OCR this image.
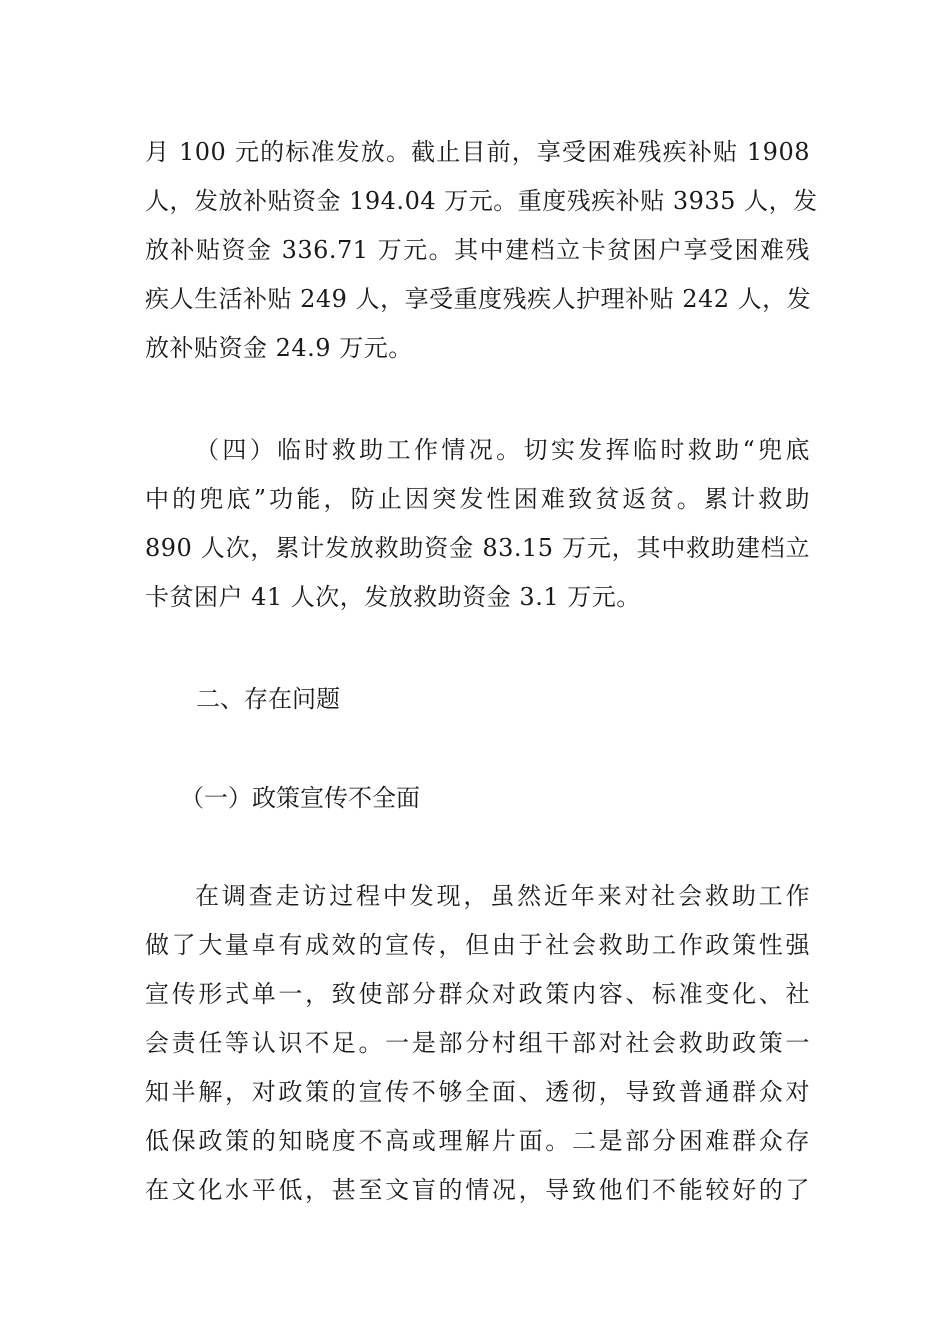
月 100 元的标准发放。截止目前，享受困难残疾补贴 1908
人，发放补贴资金 194.04 万元。重度残疾补贴 3935 人，发
放补贴资金 336.71 万元。其中建档立卡贫困户享受困难残
疾人生活补贴 249 人，享受重度残疾人护理补贴 242 人，发
放补贴资金 24.9 万元。
（四）临时救助工作情况。切实发挥临时救助“兜底
中的兜底”功能，防止因突发性困难致贫返贫。累计救助
890 人次，累计发放救助资金 83.15 万元，其中救助建档立
卡贫困户 41 人次，发放救助资金 3.1 万元。
二、存在问题
（一）政策宣传不全面
在调查走访过程中发现，虽然近年来对社会救助工作
做了大量卓有成效的宣传，但由于社会救助工作政策性强
宣传形式单一，致使部分群众对政策内容、标准变化、社
会责任等认识不足。一是部分村组干部对社会救助政策一
知半解，对政策的宣传不够全面、透彻，导致普通群众对
低保政策的知晓度不高或理解片面。二是部分困难群众存
在文化水平低，甚至文盲的情况，导致他们不能较好的了
